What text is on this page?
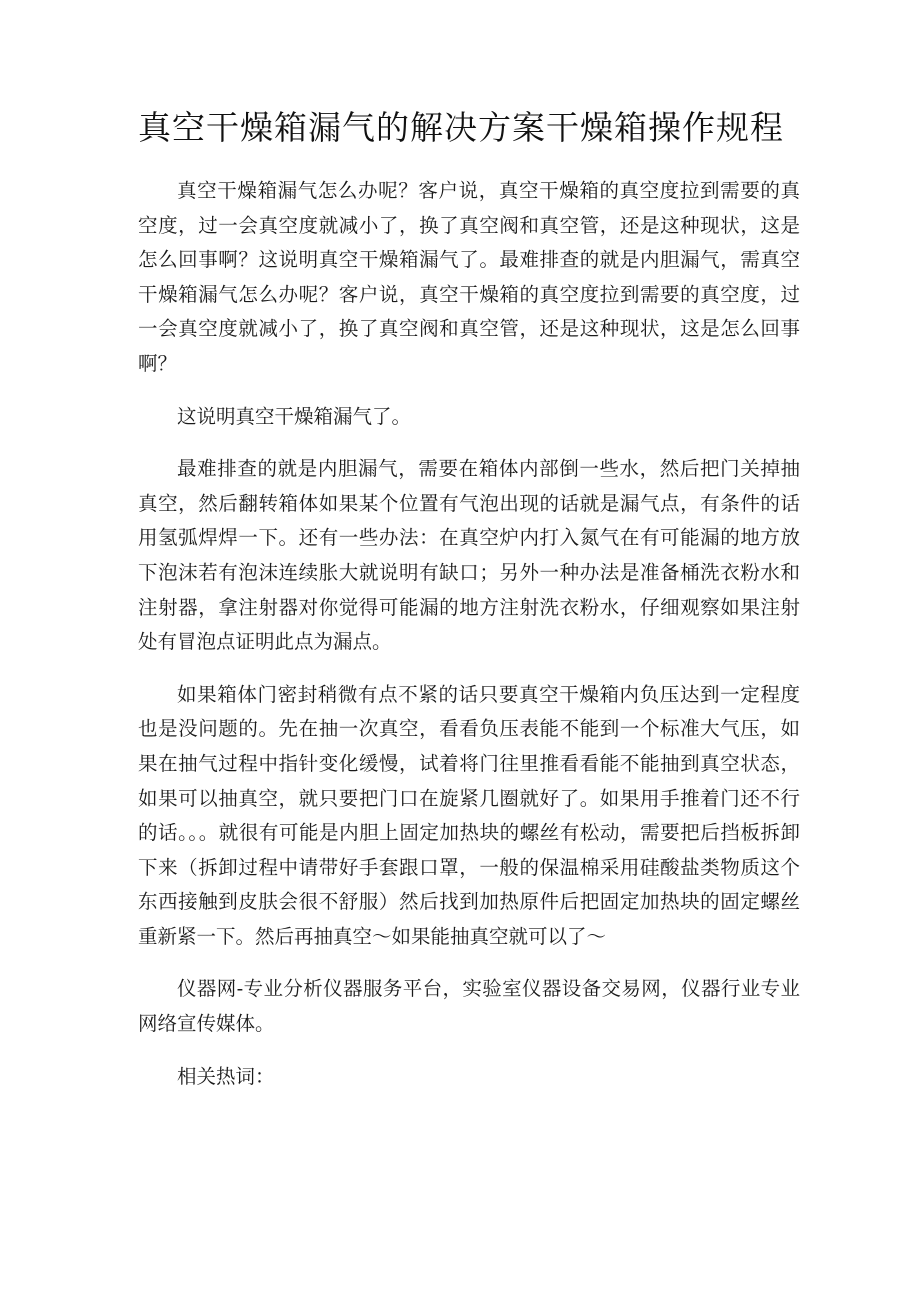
真空干燥箱漏气的解决方案干燥箱操作规程

真空干燥箱漏气怎么办呢？客户说，真空干燥箱的真空度拉到需要的真空度，过一会真空度就减小了，换了真空阀和真空管，还是这种现状，这是怎么回事啊？这说明真空干燥箱漏气了。最难排查的就是内胆漏气，需真空干燥箱漏气怎么办呢？客户说，真空干燥箱的真空度拉到需要的真空度，过一会真空度就减小了，换了真空阀和真空管，还是这种现状，这是怎么回事啊？

这说明真空干燥箱漏气了。

最难排查的就是内胆漏气，需要在箱体内部倒一些水，然后把门关掉抽真空，然后翻转箱体如果某个位置有气泡出现的话就是漏气点，有条件的话用氢弧焊焊一下。还有一些办法：在真空炉内打入氮气在有可能漏的地方放下泡沫若有泡沫连续胀大就说明有缺口；另外一种办法是准备桶洗衣粉水和注射器，拿注射器对你觉得可能漏的地方注射洗衣粉水，仔细观察如果注射处有冒泡点证明此点为漏点。

如果箱体门密封稍微有点不紧的话只要真空干燥箱内负压达到一定程度也是没问题的。先在抽一次真空，看看负压表能不能到一个标准大气压，如果在抽气过程中指针变化缓慢，试着将门往里推看看能不能抽到真空状态，如果可以抽真空，就只要把门口在旋紧几圈就好了。如果用手推着门还不行的话。。。就很有可能是内胆上固定加热块的螺丝有松动，需要把后挡板拆卸下来（拆卸过程中请带好手套跟口罩，一般的保温棉采用硅酸盐类物质这个东西接触到皮肤会很不舒服）然后找到加热原件后把固定加热块的固定螺丝重新紧一下。然后再抽真空～如果能抽真空就可以了～

仪器网-专业分析仪器服务平台，实验室仪器设备交易网，仪器行业专业网络宣传媒体。

相关热词：
